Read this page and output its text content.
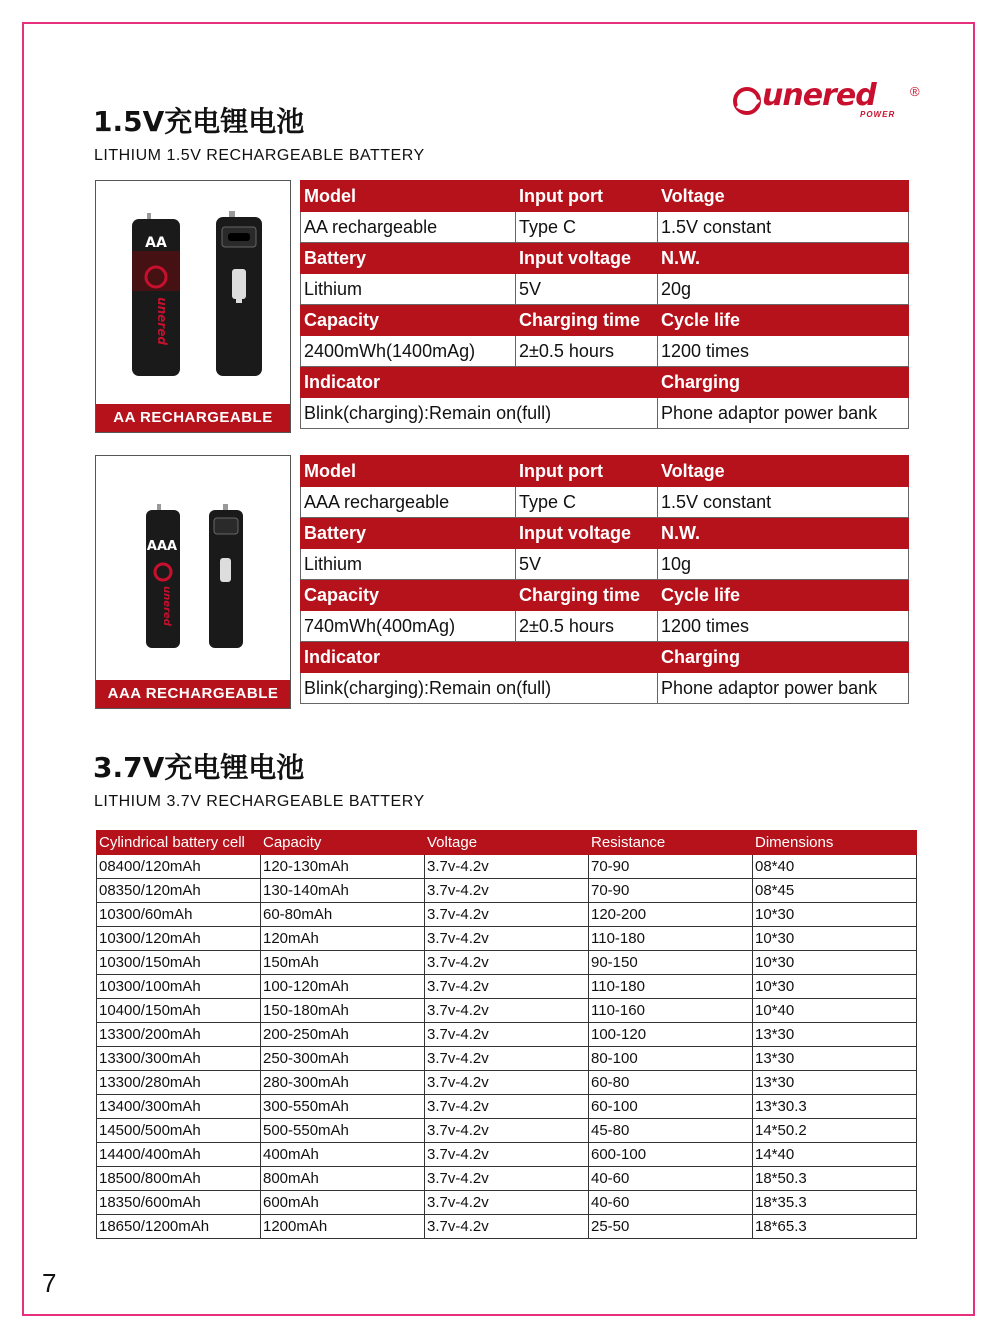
unered	®
POWER
1.5V充电锂电池
LITHIUM 1.5V RECHARGEABLE BATTERY
AA
unered
AA RECHARGEABLE
Model	Input port	Voltage
AA rechargeable	Type C	1.5V constant
Battery	Input voltage	N.W.
Lithium	5V	20g
Capacity	Charging time	Cycle life
2400mWh(1400mAg)	2±0.5 hours	1200 times
Indicator		Charging
Blink(charging):Remain on(full)		Phone adaptor power bank
AAA
unered
AAA RECHARGEABLE
Model	Input port	Voltage
AAA rechargeable	Type C	1.5V constant
Battery	Input voltage	N.W.
Lithium	5V	10g
Capacity	Charging time	Cycle life
740mWh(400mAg)	2±0.5 hours	1200 times
Indicator		Charging
Blink(charging):Remain on(full)		Phone adaptor power bank
3.7V充电锂电池
LITHIUM 3.7V RECHARGEABLE BATTERY
Cylindrical battery cell	Capacity	Voltage	Resistance	Dimensions
08400/120mAh	120-130mAh	3.7v-4.2v	70-90	08*40
08350/120mAh	130-140mAh	3.7v-4.2v	70-90	08*45
10300/60mAh	60-80mAh	3.7v-4.2v	120-200	10*30
10300/120mAh	120mAh	3.7v-4.2v	110-180	10*30
10300/150mAh	150mAh	3.7v-4.2v	90-150	10*30
10300/100mAh	100-120mAh	3.7v-4.2v	110-180	10*30
10400/150mAh	150-180mAh	3.7v-4.2v	110-160	10*40
13300/200mAh	200-250mAh	3.7v-4.2v	100-120	13*30
13300/300mAh	250-300mAh	3.7v-4.2v	80-100	13*30
13300/280mAh	280-300mAh	3.7v-4.2v	60-80	13*30
13400/300mAh	300-550mAh	3.7v-4.2v	60-100	13*30.3
14500/500mAh	500-550mAh	3.7v-4.2v	45-80	14*50.2
14400/400mAh	400mAh	3.7v-4.2v	600-100	14*40
18500/800mAh	800mAh	3.7v-4.2v	40-60	18*50.3
18350/600mAh	600mAh	3.7v-4.2v	40-60	18*35.3
18650/1200mAh	1200mAh	3.7v-4.2v	25-50	18*65.3
7
